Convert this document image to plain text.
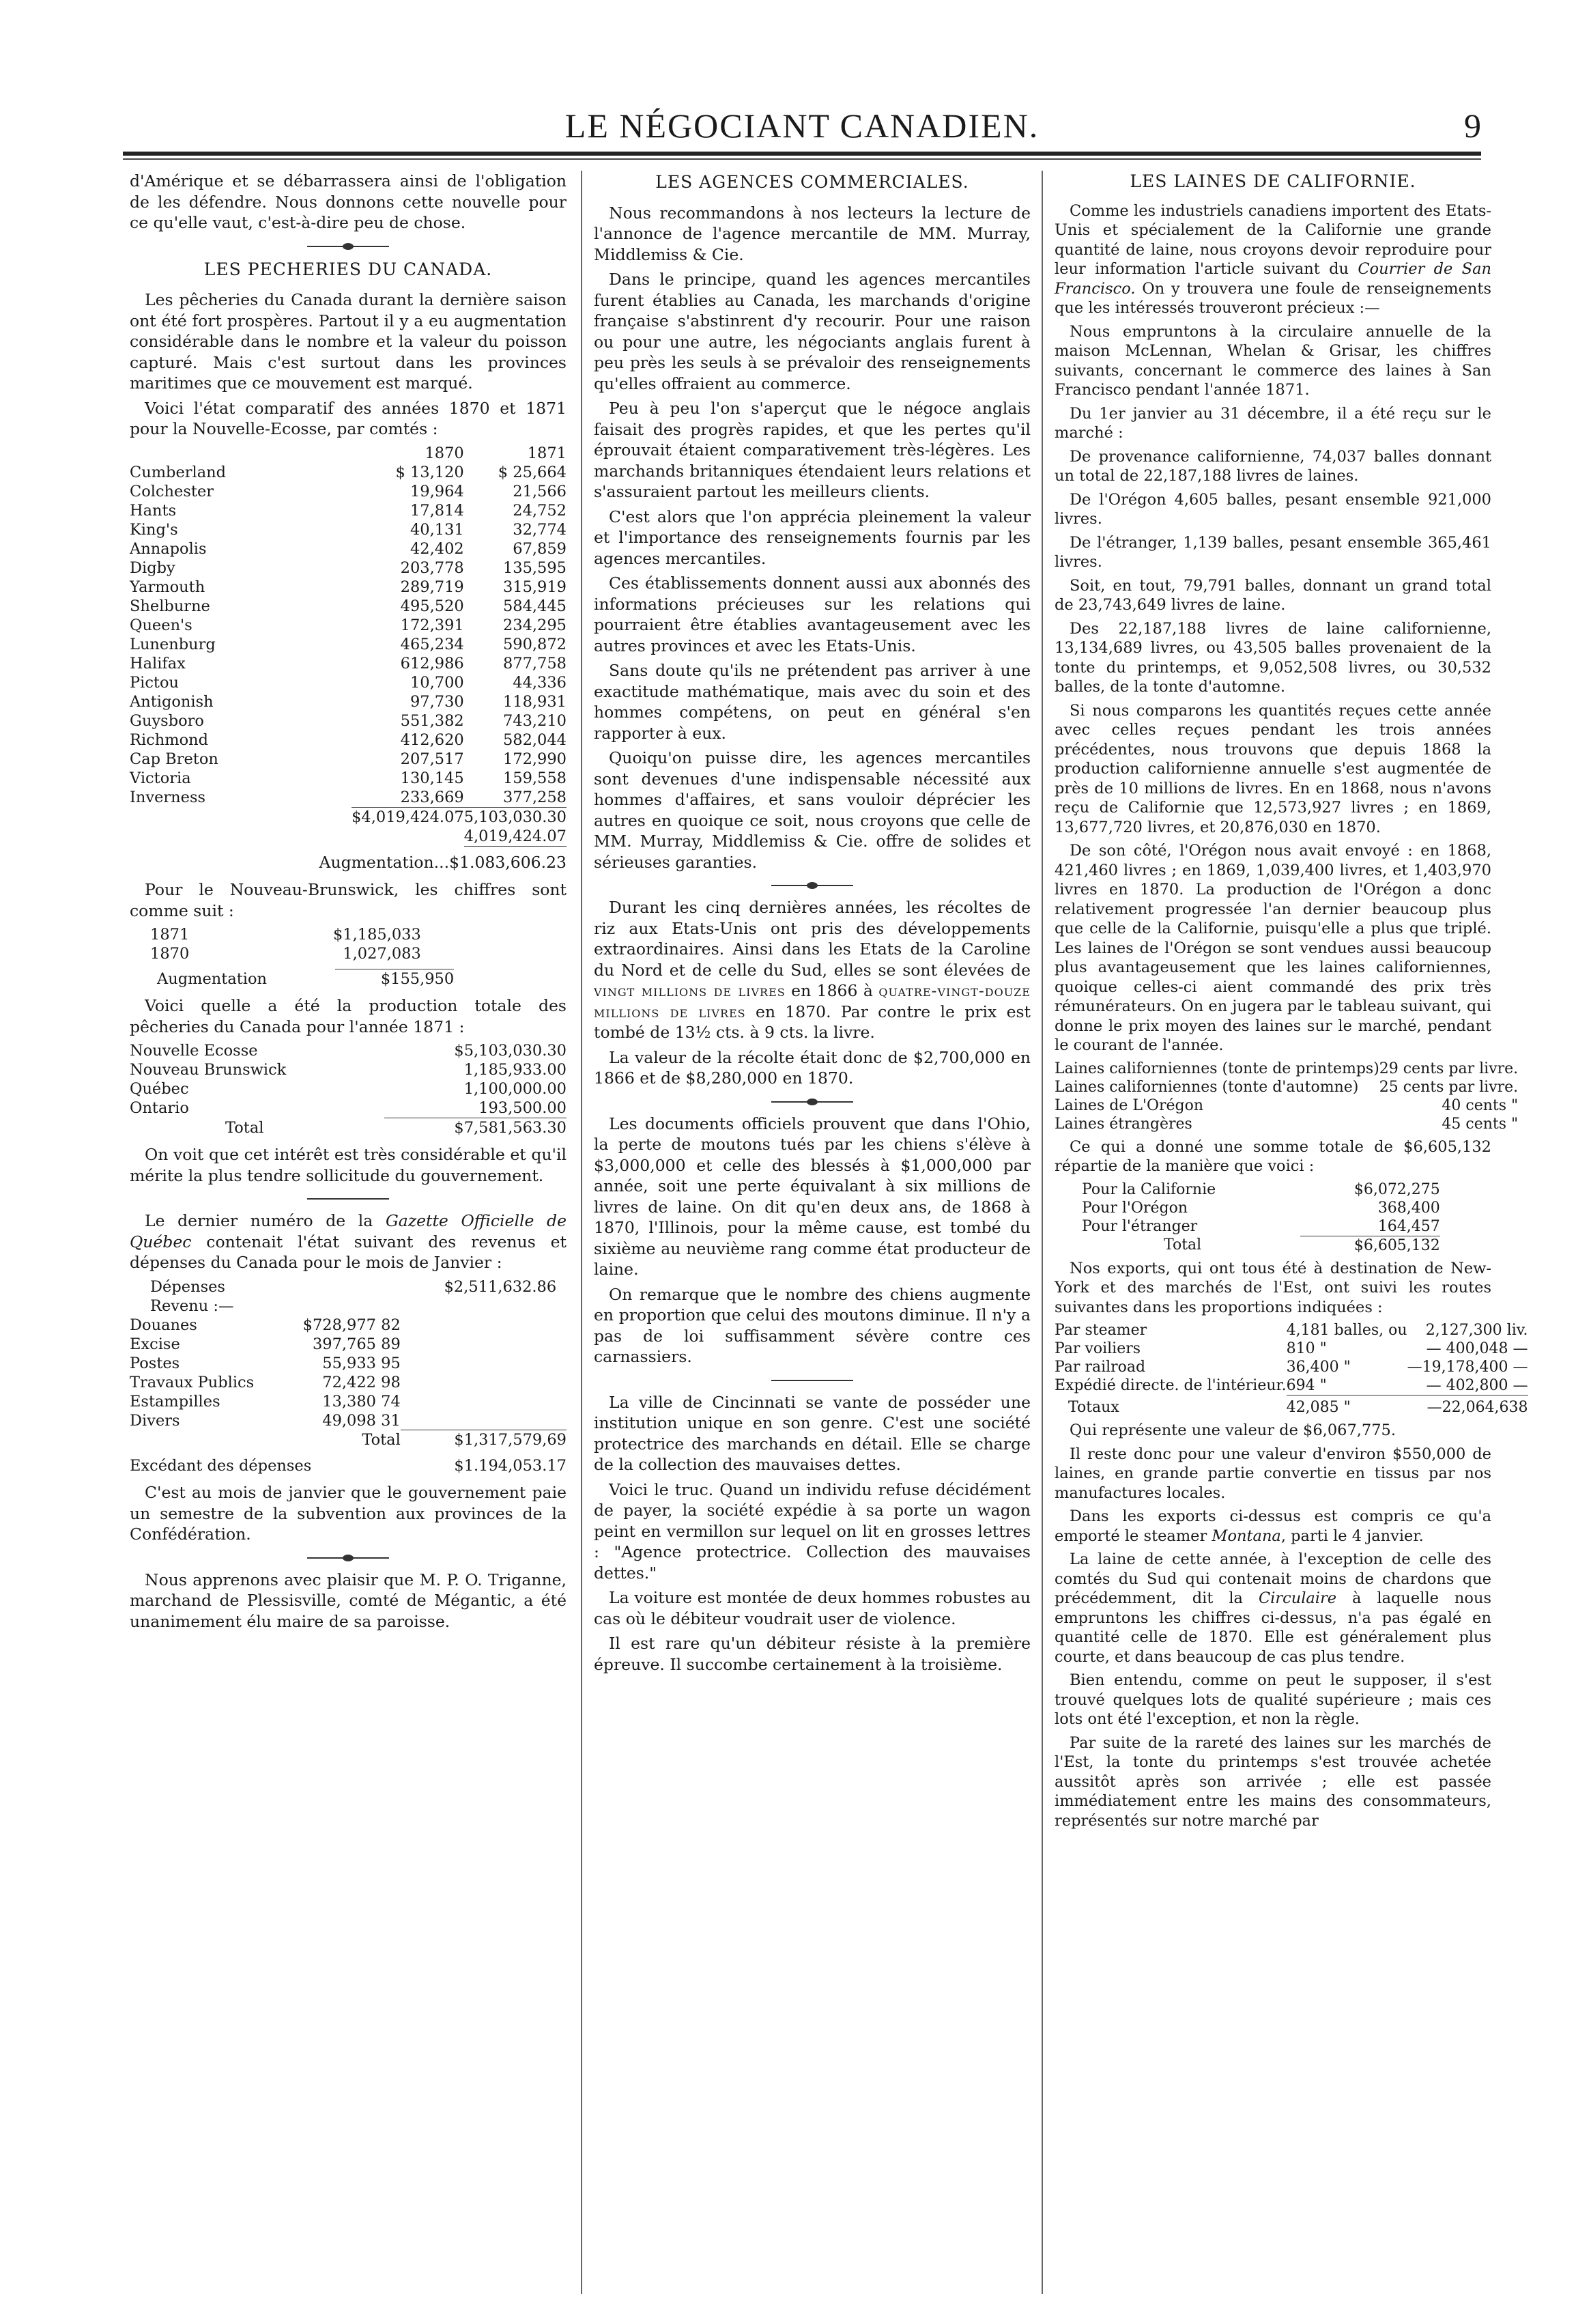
LE NÉGOCIANT CANADIEN.	9

d'Amérique et se débarrassera ainsi de l'obligation de les défendre. Nous donnons cette nouvelle pour ce qu'elle vaut, c'est-à-dire peu de chose.

LES PECHERIES DU CANADA.

Les pêcheries du Canada durant la dernière saison ont été fort prospères. Partout il y a eu augmentation considérable dans le nombre et la valeur du poisson capturé. Mais c'est surtout dans les provinces maritimes que ce mouvement est marqué.

Voici l'état comparatif des années 1870 et 1871 pour la Nouvelle-Ecosse, par comtés :

	1870	1871
Cumberland	$ 13,120	$ 25,664
Colchester	19,964	21,566
Hants	17,814	24,752
King's	40,131	32,774
Annapolis	42,402	67,859
Digby	203,778	135,595
Yarmouth	289,719	315,919
Shelburne	495,520	584,445
Queen's	172,391	234,295
Lunenburg	465,234	590,872
Halifax	612,986	877,758
Pictou	10,700	44,336
Antigonish	97,730	118,931
Guysboro	551,382	743,210
Richmond	412,620	582,044
Cap Breton	207,517	172,990
Victoria	130,145	159,558
Inverness	233,669	377,258
	$4,019,424.07	5,103,030.30
		4,019,424.07
Augmentation...$1.083,606.23

Pour le Nouveau-Brunswick, les chiffres sont comme suit :

1871	$1,185,033
1870	1,027,083
Augmentation	$155,950

Voici quelle a été la production totale des pêcheries du Canada pour l'année 1871 :

Nouvelle Ecosse	$5,103,030.30
Nouveau Brunswick	1,185,933.00
Québec	1,100,000.00
Ontario	193,500.00
Total	$7,581,563.30

On voit que cet intérêt est très considérable et qu'il mérite la plus tendre sollicitude du gouvernement.

Le dernier numéro de la Gazette Officielle de Québec contenait l'état suivant des revenus et dépenses du Canada pour le mois de Janvier :

Dépenses	$2,511,632.86
Revenu :—	
Douanes	$728,977 82	
Excise	397,765 89	
Postes	55,933 95	
Travaux Publics	72,422 98	
Estampilles	13,380 74	
Divers	49,098 31	
	Total	$1,317,579,69
Excédant des dépenses	$1.194,053.17

C'est au mois de janvier que le gouvernement paie un semestre de la subvention aux provinces de la Confédération.

Nous apprenons avec plaisir que M. P. O. Triganne, marchand de Plessisville, comté de Mégantic, a été unanimement élu maire de sa paroisse.

LES AGENCES COMMERCIALES.

Nous recommandons à nos lecteurs la lecture de l'annonce de l'agence mercantile de MM. Murray, Middlemiss & Cie.

Dans le principe, quand les agences mercantiles furent établies au Canada, les marchands d'origine française s'abstinrent d'y recourir. Pour une raison ou pour une autre, les négociants anglais furent à peu près les seuls à se prévaloir des renseignements qu'elles offraient au commerce.

Peu à peu l'on s'aperçut que le négoce anglais faisait des progrès rapides, et que les pertes qu'il éprouvait étaient comparativement très-légères. Les marchands britanniques étendaient leurs relations et s'assuraient partout les meilleurs clients.

C'est alors que l'on apprécia pleinement la valeur et l'importance des renseignements fournis par les agences mercantiles.

Ces établissements donnent aussi aux abonnés des informations précieuses sur les relations qui pourraient être établies avantageusement avec les autres provinces et avec les Etats-Unis.

Sans doute qu'ils ne prétendent pas arriver à une exactitude mathématique, mais avec du soin et des hommes compétens, on peut en général s'en rapporter à eux.

Quoiqu'on puisse dire, les agences mercantiles sont devenues d'une indispensable nécessité aux hommes d'affaires, et sans vouloir déprécier les autres en quoique ce soit, nous croyons que celle de MM. Murray, Middlemiss & Cie. offre de solides et sérieuses garanties.

Durant les cinq dernières années, les récoltes de riz aux Etats-Unis ont pris des développements extraordinaires. Ainsi dans les Etats de la Caroline du Nord et de celle du Sud, elles se sont élevées de vingt millions de livres en 1866 à quatre-vingt-douze millions de livres en 1870. Par contre le prix est tombé de 13½ cts. à 9 cts. la livre.

La valeur de la récolte était donc de $2,700,000 en 1866 et de $8,280,000 en 1870.

Les documents officiels prouvent que dans l'Ohio, la perte de moutons tués par les chiens s'élève à $3,000,000 et celle des blessés à $1,000,000 par année, soit une perte équivalant à six millions de livres de laine. On dit qu'en deux ans, de 1868 à 1870, l'Illinois, pour la même cause, est tombé du sixième au neuvième rang comme état producteur de laine.

On remarque que le nombre des chiens augmente en proportion que celui des moutons diminue. Il n'y a pas de loi suffisamment sévère contre ces carnassiers.

La ville de Cincinnati se vante de posséder une institution unique en son genre. C'est une société protectrice des marchands en détail. Elle se charge de la collection des mauvaises dettes.

Voici le truc. Quand un individu refuse décidément de payer, la société expédie à sa porte un wagon peint en vermillon sur lequel on lit en grosses lettres : "Agence protectrice. Collection des mauvaises dettes."

La voiture est montée de deux hommes robustes au cas où le débiteur voudrait user de violence.

Il est rare qu'un débiteur résiste à la première épreuve. Il succombe certainement à la troisième.

LES LAINES DE CALIFORNIE.

Comme les industriels canadiens importent des Etats-Unis et spécialement de la Californie une grande quantité de laine, nous croyons devoir reproduire pour leur information l'article suivant du Courrier de San Francisco. On y trouvera une foule de renseignements que les intéressés trouveront précieux :—

Nous empruntons à la circulaire annuelle de la maison McLennan, Whelan & Grisar, les chiffres suivants, concernant le commerce des laines à San Francisco pendant l'année 1871.

Du 1er janvier au 31 décembre, il a été reçu sur le marché :

De provenance californienne, 74,037 balles donnant un total de 22,187,188 livres de laines.

De l'Orégon 4,605 balles, pesant ensemble 921,000 livres.

De l'étranger, 1,139 balles, pesant ensemble 365,461 livres.

Soit, en tout, 79,791 balles, donnant un grand total de 23,743,649 livres de laine.

Des 22,187,188 livres de laine californienne, 13,134,689 livres, ou 43,505 balles provenaient de la tonte du printemps, et 9,052,508 livres, ou 30,532 balles, de la tonte d'automne.

Si nous comparons les quantités reçues cette année avec celles reçues pendant les trois années précédentes, nous trouvons que depuis 1868 la production californienne annuelle s'est augmentée de près de 10 millions de livres. En en 1868, nous n'avons reçu de Californie que 12,573,927 livres ; en 1869, 13,677,720 livres, et 20,876,030 en 1870.

De son côté, l'Orégon nous avait envoyé : en 1868, 421,460 livres ; en 1869, 1,039,400 livres, et 1,403,970 livres en 1870. La production de l'Orégon a donc relativement progressée l'an dernier beaucoup plus que celle de la Californie, puisqu'elle a plus que triplé. Les laines de l'Orégon se sont vendues aussi beaucoup plus avantageusement que les laines californiennes, quoique celles-ci aient commandé des prix très rémunérateurs. On en jugera par le tableau suivant, qui donne le prix moyen des laines sur le marché, pendant le courant de l'année.

Laines californiennes (tonte de printemps)	29 cents par livre.
Laines californiennes (tonte d'automne)	25 cents par livre.
Laines de L'Orégon	40 cents "
Laines étrangères	45 cents "

Ce qui a donné une somme totale de $6,605,132 répartie de la manière que voici :

Pour la Californie	$6,072,275
Pour l'Orégon	368,400
Pour l'étranger	164,457
Total	$6,605,132

Nos exports, qui ont tous été à destination de New-York et des marchés de l'Est, ont suivi les routes suivantes dans les proportions indiquées :

Par steamer	4,181 balles, ou	2,127,300 liv.
Par voiliers	810 "	— 400,048 —
Par railroad	36,400 "	—19,178,400 —
Expédié directe. de l'intérieur.	694 "	— 402,800 —
Totaux	42,085 "	—22,064,638

Qui représente une valeur de $6,067,775.

Il reste donc pour une valeur d'environ $550,000 de laines, en grande partie convertie en tissus par nos manufactures locales.

Dans les exports ci-dessus est compris ce qu'a emporté le steamer Montana, parti le 4 janvier.

La laine de cette année, à l'exception de celle des comtés du Sud qui contenait moins de chardons que précédemment, dit la Circulaire à laquelle nous empruntons les chiffres ci-dessus, n'a pas égalé en quantité celle de 1870. Elle est généralement plus courte, et dans beaucoup de cas plus tendre.

Bien entendu, comme on peut le supposer, il s'est trouvé quelques lots de qualité supérieure ; mais ces lots ont été l'exception, et non la règle.

Par suite de la rareté des laines sur les marchés de l'Est, la tonte du printemps s'est trouvée achetée aussitôt après son arrivée ; elle est passée immédiatement entre les mains des consommateurs, représentés sur notre marché par
